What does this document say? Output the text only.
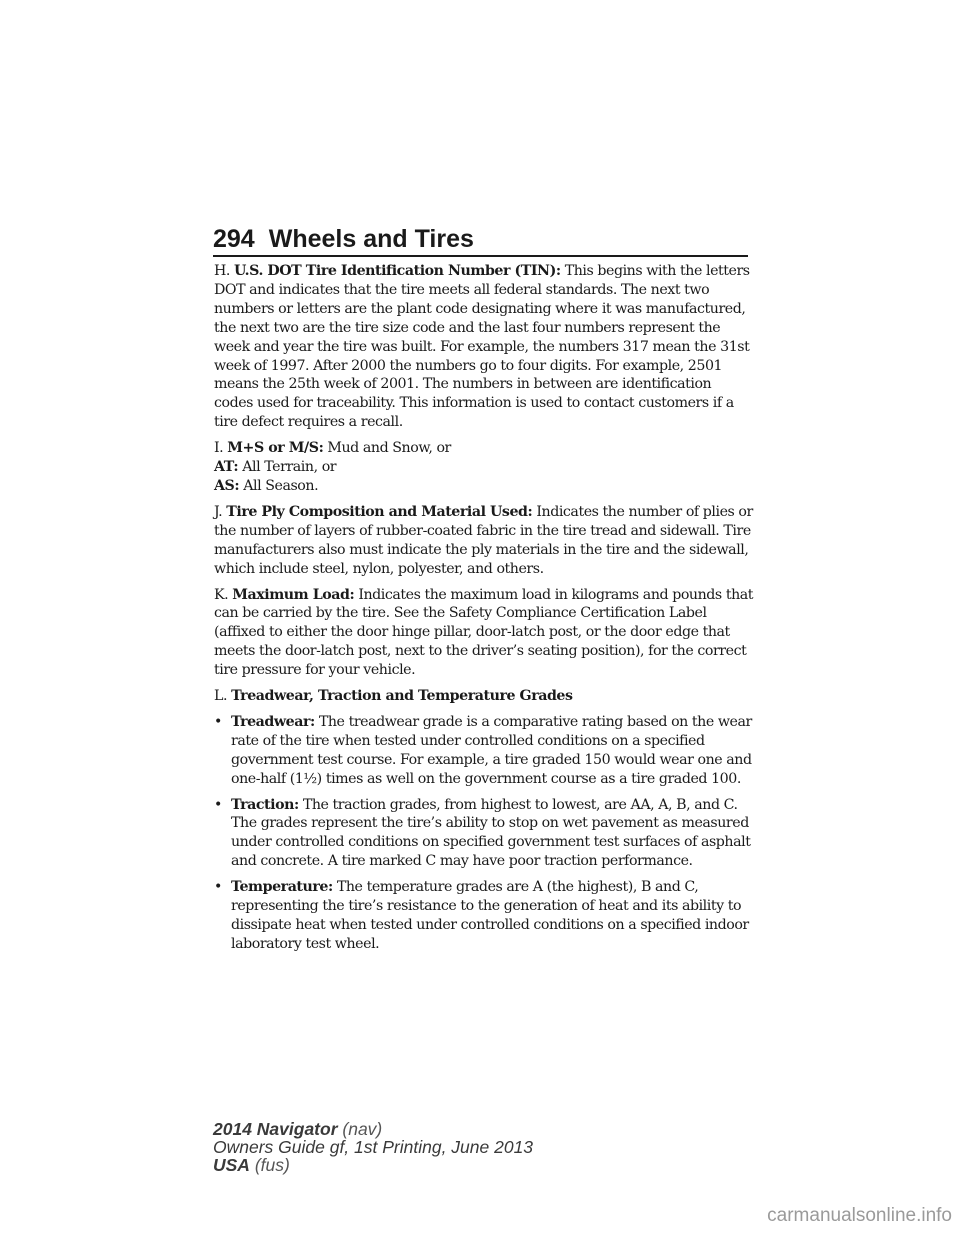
294 Wheels and Tires

H. U.S. DOT Tire Identification Number (TIN): This begins with the letters DOT and indicates that the tire meets all federal standards. The next two numbers or letters are the plant code designating where it was manufactured, the next two are the tire size code and the last four numbers represent the week and year the tire was built. For example, the numbers 317 mean the 31st week of 1997. After 2000 the numbers go to four digits. For example, 2501 means the 25th week of 2001. The numbers in between are identification codes used for traceability. This information is used to contact customers if a tire defect requires a recall.

I. M+S or M/S: Mud and Snow, or

AT: All Terrain, or

AS: All Season.

J. Tire Ply Composition and Material Used: Indicates the number of plies or the number of layers of rubber-coated fabric in the tire tread and sidewall. Tire manufacturers also must indicate the ply materials in the tire and the sidewall, which include steel, nylon, polyester, and others.

K. Maximum Load: Indicates the maximum load in kilograms and pounds that can be carried by the tire. See the Safety Compliance Certification Label (affixed to either the door hinge pillar, door-latch post, or the door edge that meets the door-latch post, next to the driver’s seating position), for the correct tire pressure for your vehicle.

L. Treadwear, Traction and Temperature Grades

• Treadwear: The treadwear grade is a comparative rating based on the wear rate of the tire when tested under controlled conditions on a specified government test course. For example, a tire graded 150 would wear one and one-half (1½) times as well on the government course as a tire graded 100.
• Traction: The traction grades, from highest to lowest, are AA, A, B, and C. The grades represent the tire’s ability to stop on wet pavement as measured under controlled conditions on specified government test surfaces of asphalt and concrete. A tire marked C may have poor traction performance.
• Temperature: The temperature grades are A (the highest), B and C, representing the tire’s resistance to the generation of heat and its ability to dissipate heat when tested under controlled conditions on a specified indoor laboratory test wheel.
2014 Navigator (nav)
Owners Guide gf, 1st Printing, June 2013
USA (fus)
carmanualsonline.info
